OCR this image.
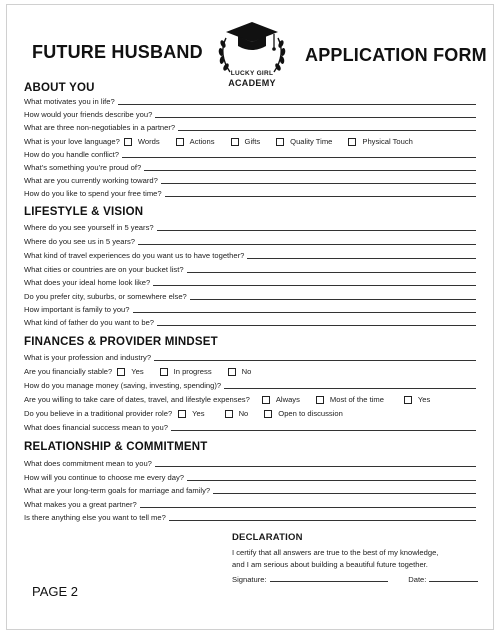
FUTURE HUSBAND
LUCKY GIRL
ACADEMY
APPLICATION FORM
ABOUT YOU
What motivates you in life?
How would your friends describe you?
What are three non-negotiables in a partner?
What is your love language? Words	Actions	Gifts	Quality Time	Physical Touch
How do you handle conflict?
What’s something you’re proud of?
What are you currently working toward?
How do you like to spend your free time?
LIFESTYLE & VISION
Where do you see yourself in 5 years?
Where do you see us in 5 years?
What kind of travel experiences do you want us to have together?
What cities or countries are on your bucket list?
What does your ideal home look like?
Do you prefer city, suburbs, or somewhere else?
How important is family to you?
What kind of father do you want to be?
FINANCES & PROVIDER MINDSET
What is your profession and industry?
Are you financially stable?	Yes	In progress	No
How do you manage money (saving, investing, spending)?
Are you willing to take care of dates, travel, and lifestyle expenses?	Always	Most of the time	Yes
Do you believe in a traditional provider role?	Yes	No	Open to discussion
What does financial success mean to you?
RELATIONSHIP & COMMITMENT
What does commitment mean to you?
How will you continue to choose me every day?
What are your long-term goals for marriage and family?
What makes you a great partner?
Is there anything else you want to tell me?
DECLARATION
I certify that all answers are true to the best of my knowledge,
and I am serious about building a beautiful future together.
Signature:	Date:
PAGE 2
